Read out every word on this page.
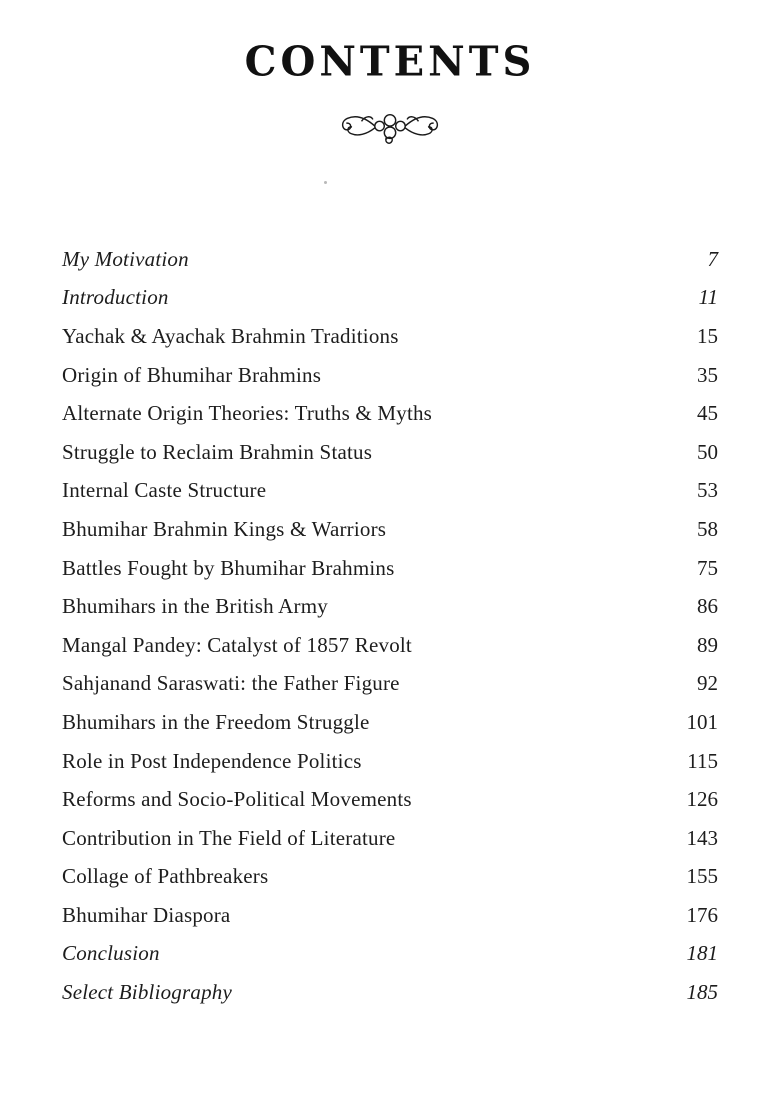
CONTENTS
My Motivation	7
Introduction	11
Yachak & Ayachak Brahmin Traditions	15
Origin of Bhumihar Brahmins	35
Alternate Origin Theories: Truths & Myths	45
Struggle to Reclaim Brahmin Status	50
Internal Caste Structure	53
Bhumihar Brahmin Kings & Warriors	58
Battles Fought by Bhumihar Brahmins	75
Bhumihars in the British Army	86
Mangal Pandey: Catalyst of 1857 Revolt	89
Sahjanand Saraswati: the Father Figure	92
Bhumihars in the Freedom Struggle	101
Role in Post Independence Politics	115
Reforms and Socio-Political Movements	126
Contribution in The Field of Literature	143
Collage of Pathbreakers	155
Bhumihar Diaspora	176
Conclusion	181
Select Bibliography	185
